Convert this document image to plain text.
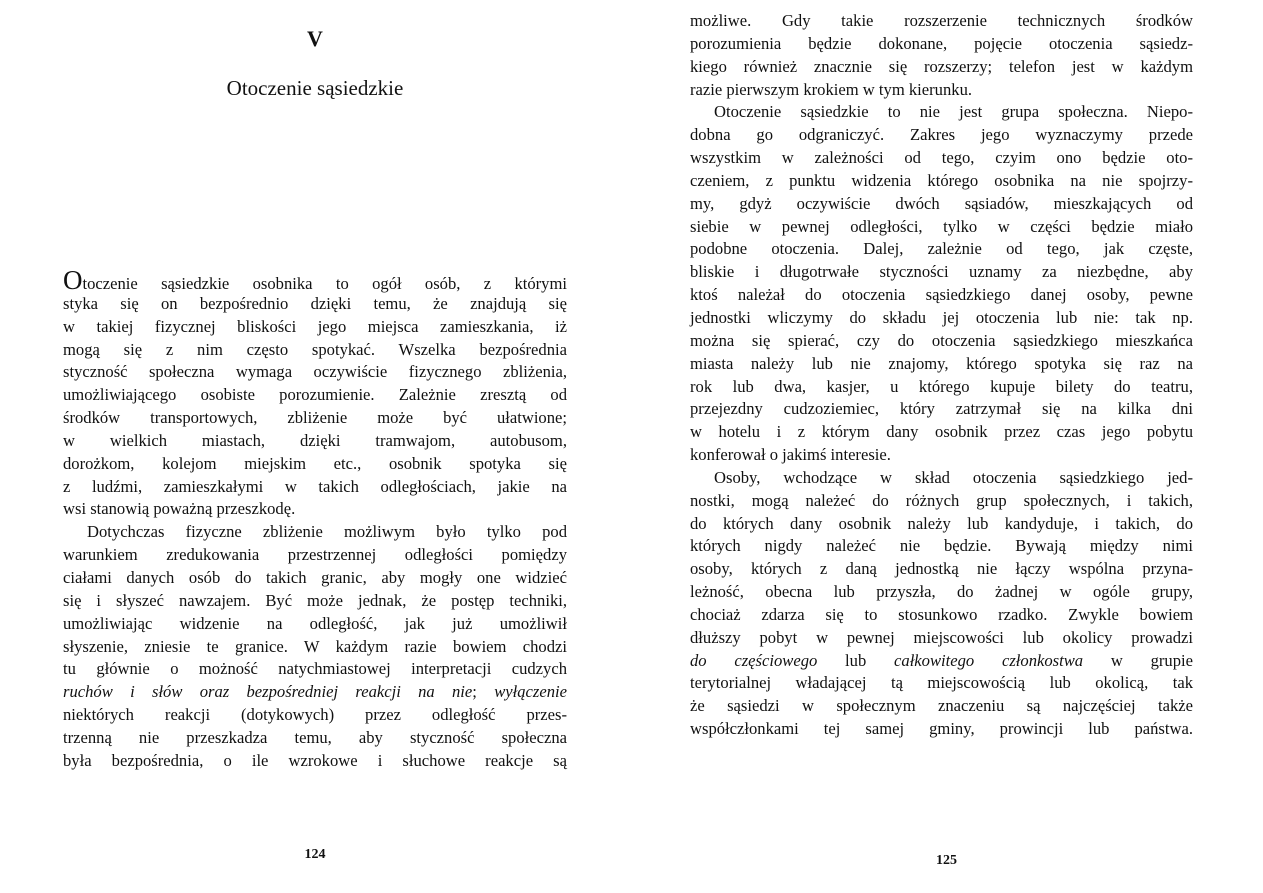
V
Otoczenie sąsiedzkie
Otoczenie sąsiedzkie osobnika to ogół osób, z którymi
styka się on bezpośrednio dzięki temu, że znajdują się
w takiej fizycznej bliskości jego miejsca zamieszkania, iż
mogą się z nim często spotykać. Wszelka bezpośrednia
styczność społeczna wymaga oczywiście fizycznego zbliżenia,
umożliwiającego osobiste porozumienie. Zależnie zresztą od
środków transportowych, zbliżenie może być ułatwione;
w wielkich miastach, dzięki tramwajom, autobusom,
dorożkom, kolejom miejskim etc., osobnik spotyka się
z ludźmi, zamieszkałymi w takich odległościach, jakie na
wsi stanowią poważną przeszkodę.
Dotychczas fizyczne zbliżenie możliwym było tylko pod
warunkiem zredukowania przestrzennej odległości pomiędzy
ciałami danych osób do takich granic, aby mogły one widzieć
się i słyszeć nawzajem. Być może jednak, że postęp techniki,
umożliwiając widzenie na odległość, jak już umożliwił
słyszenie, zniesie te granice. W każdym razie bowiem chodzi
tu głównie o możność natychmiastowej interpretacji cudzych
ruchów i słów oraz bezpośredniej reakcji na nie; wyłączenie
niektórych reakcji (dotykowych) przez odległość przes-
trzenną nie przeszkadza temu, aby styczność społeczna
była bezpośrednia, o ile wzrokowe i słuchowe reakcje są
124
możliwe. Gdy takie rozszerzenie technicznych środków
porozumienia będzie dokonane, pojęcie otoczenia sąsiedz-
kiego również znacznie się rozszerzy; telefon jest w każdym
razie pierwszym krokiem w tym kierunku.
Otoczenie sąsiedzkie to nie jest grupa społeczna. Niepo-
dobna go odgraniczyć. Zakres jego wyznaczymy przede
wszystkim w zależności od tego, czyim ono będzie oto-
czeniem, z punktu widzenia którego osobnika na nie spojrzy-
my, gdyż oczywiście dwóch sąsiadów, mieszkających od
siebie w pewnej odległości, tylko w części będzie miało
podobne otoczenia. Dalej, zależnie od tego, jak częste,
bliskie i długotrwałe styczności uznamy za niezbędne, aby
ktoś należał do otoczenia sąsiedzkiego danej osoby, pewne
jednostki wliczymy do składu jej otoczenia lub nie: tak np.
można się spierać, czy do otoczenia sąsiedzkiego mieszkańca
miasta należy lub nie znajomy, którego spotyka się raz na
rok lub dwa, kasjer, u którego kupuje bilety do teatru,
przejezdny cudzoziemiec, który zatrzymał się na kilka dni
w hotelu i z którym dany osobnik przez czas jego pobytu
konferował o jakimś interesie.
Osoby, wchodzące w skład otoczenia sąsiedzkiego jed-
nostki, mogą należeć do różnych grup społecznych, i takich,
do których dany osobnik należy lub kandyduje, i takich, do
których nigdy należeć nie będzie. Bywają między nimi
osoby, których z daną jednostką nie łączy wspólna przyna-
leżność, obecna lub przyszła, do żadnej w ogóle grupy,
chociaż zdarza się to stosunkowo rzadko. Zwykle bowiem
dłuższy pobyt w pewnej miejscowości lub okolicy prowadzi
do częściowego lub całkowitego członkostwa w grupie
terytorialnej władającej tą miejscowością lub okolicą, tak
że sąsiedzi w społecznym znaczeniu są najczęściej także
współczłonkami tej samej gminy, prowincji lub państwa.
125
